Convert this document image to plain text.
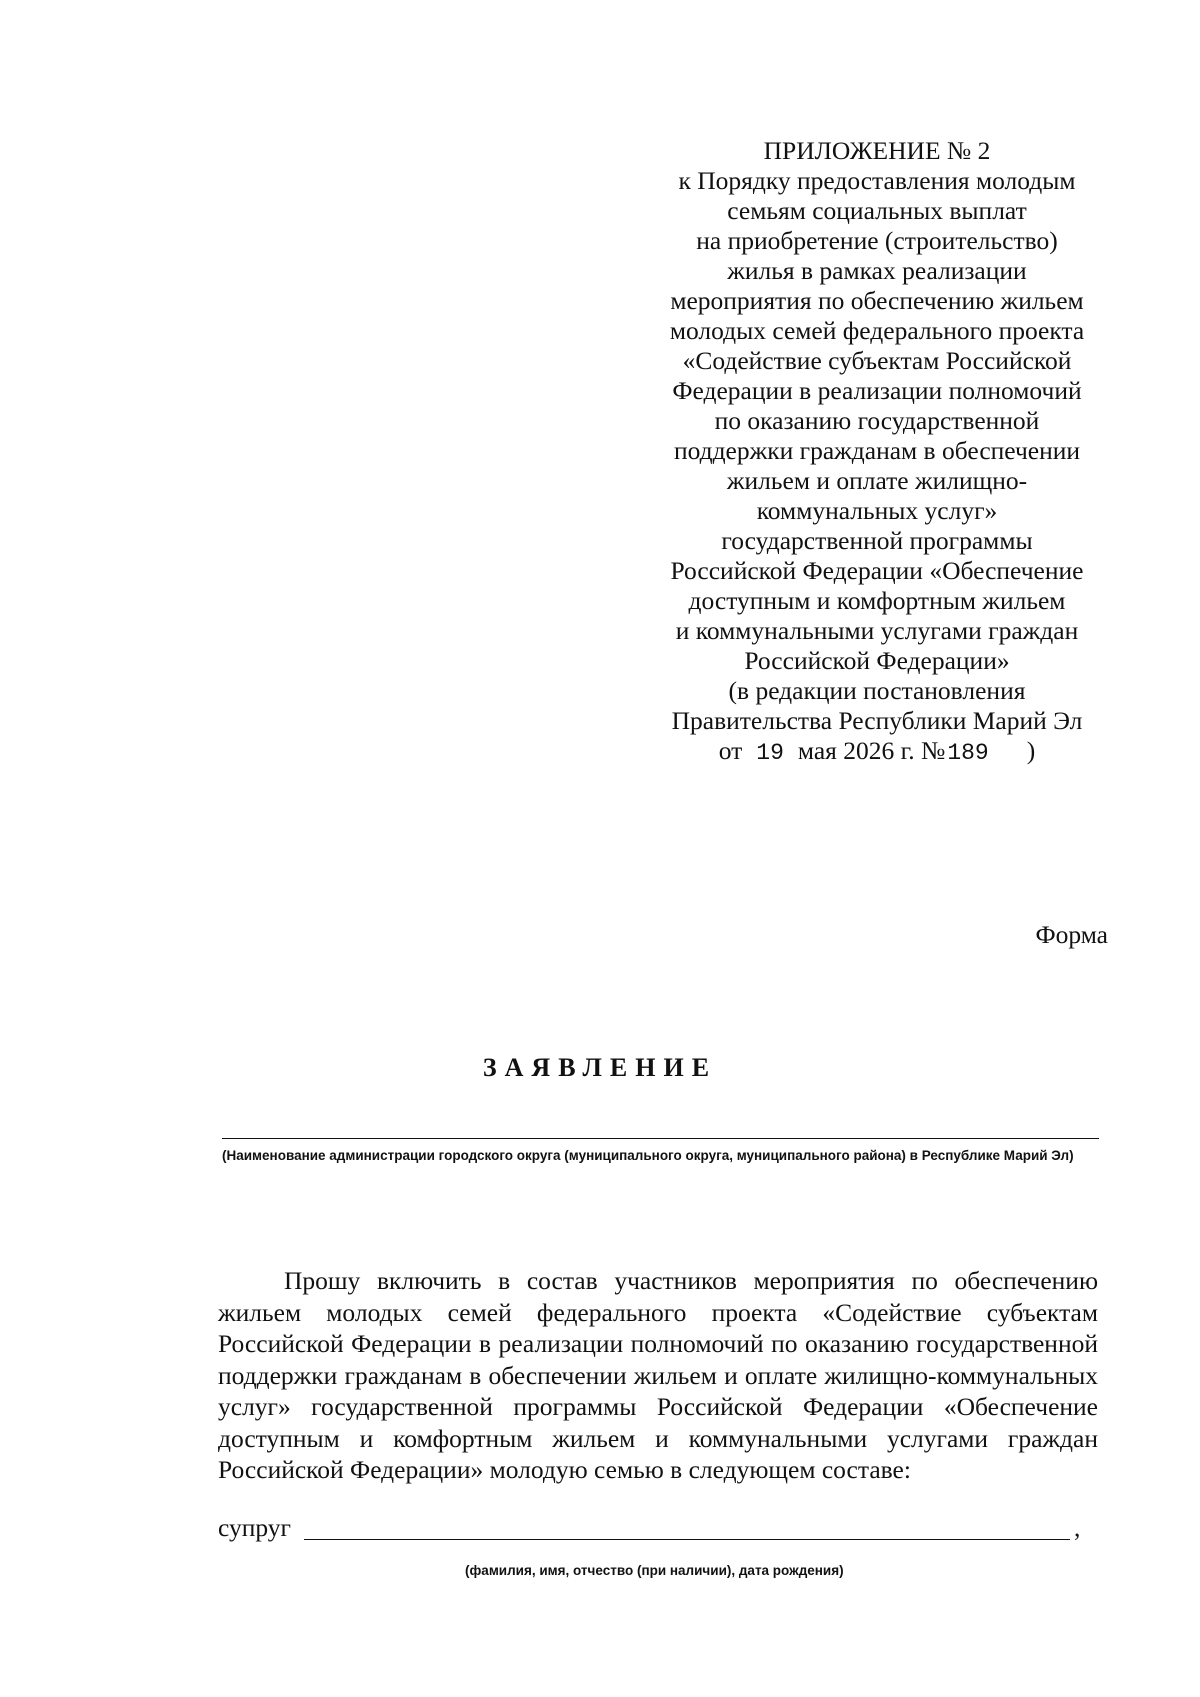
ПРИЛОЖЕНИЕ № 2
к Порядку предоставления молодым
семьям социальных выплат
на приобретение (строительство)
жилья в рамках реализации
мероприятия по обеспечению жильем
молодых семей федерального проекта
«Содействие субъектам Российской
Федерации в реализации полномочий
по оказанию государственной
поддержки гражданам в обеспечении
жильем и оплате жилищно-
коммунальных услуг»
государственной программы
Российской Федерации «Обеспечение
доступным и комфортным жильем
и коммунальными услугами граждан
Российской Федерации»
(в редакции постановления
Правительства Республики Марий Эл
от 19 мая 2026 г. №189 )
Форма
ЗАЯВЛЕНИЕ
(Наименование администрации городского округа (муниципального округа, муниципального района) в Республике Марий Эл)

Прошу включить в состав участников мероприятия по обеспечению жильем молодых семей федерального проекта «Содействие субъектам Российской Федерации в реализации полномочий по оказанию государственной поддержки гражданам в обеспечении жильем и оплате жилищно-коммунальных услуг» государственной программы Российской Федерации «Обеспечение доступным и комфортным жильем и коммунальными услугами граждан Российской Федерации» молодую семью в следующем составе:

супруг	,
(фамилия, имя, отчество (при наличии), дата рождения)
